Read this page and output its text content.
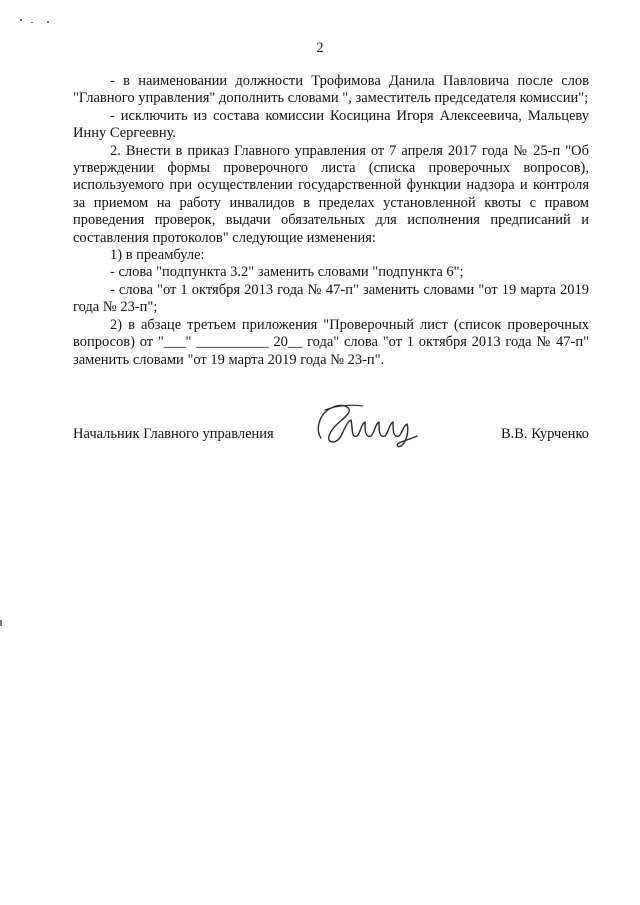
2

- в наименовании должности Трофимова Данила Павловича после слов "Главного управления" дополнить словами ", заместитель председателя комиссии";

- исключить из состава комиссии Косицина Игоря Алексеевича, Мальцеву Инну Сергеевну.

2. Внести в приказ Главного управления от 7 апреля 2017 года № 25-п "Об утверждении формы проверочного листа (списка проверочных вопросов), используемого при осуществлении государственной функции надзора и контроля за приемом на работу инвалидов в пределах установленной квоты с правом проведения проверок, выдачи обязательных для исполнения предписаний и составления протоколов" следующие изменения:

1) в преамбуле:

- слова "подпункта 3.2" заменить словами "подпункта 6";

- слова "от 1 октября 2013 года № 47-п" заменить словами "от 19 марта 2019 года № 23-п";

2) в абзаце третьем приложения "Проверочный лист (список проверочных вопросов) от "___" __________ 20__ года" слова "от 1 октября 2013 года № 47-п" заменить словами "от 19 марта 2019 года № 23-п".

Начальник Главного управления	В.В. Курченко
